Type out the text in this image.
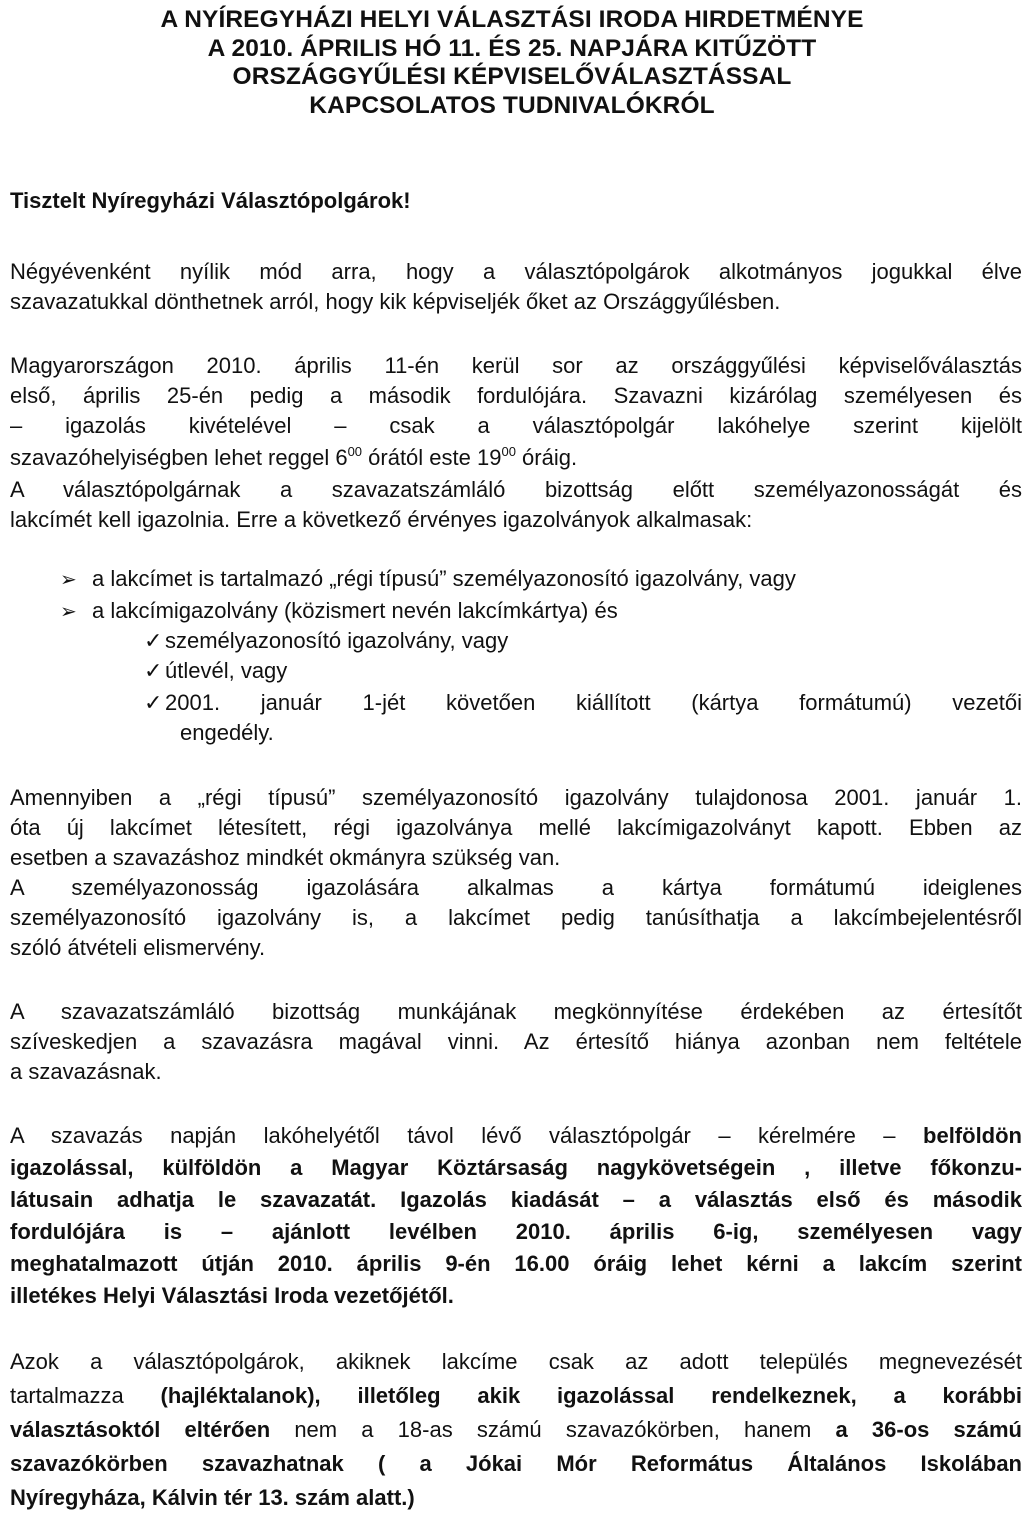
A NYÍREGYHÁZI HELYI VÁLASZTÁSI IRODA HIRDETMÉNYE
A 2010. ÁPRILIS HÓ 11. ÉS 25. NAPJÁRA KITŰZÖTT
ORSZÁGGYŰLÉSI KÉPVISELŐVÁLASZTÁSSAL
KAPCSOLATOS TUDNIVALÓKRÓL
Tisztelt Nyíregyházi Választópolgárok!
Négyévenként nyílik mód arra, hogy a választópolgárok alkotmányos jogukkal élve
szavazatukkal dönthetnek arról, hogy kik képviseljék őket az Országgyűlésben.
Magyarországon 2010. április 11-én kerül sor az országgyűlési képviselőválasztás
első, április 25-én pedig a második fordulójára. Szavazni kizárólag személyesen és
– igazolás kivételével – csak a választópolgár lakóhelye szerint kijelölt
szavazóhelyiségben lehet reggel $6^{00}$ órától este $19^{00}$ óráig.
A választópolgárnak a szavazatszámláló bizottság előtt személyazonosságát és
lakcímét kell igazolnia. Erre a következő érvényes igazolványok alkalmasak:
➢ a lakcímet is tartalmazó „régi típusú” személyazonosító igazolvány, vagy
➢ a lakcímigazolvány (közismert nevén lakcímkártya) és
✓ személyazonosító igazolvány, vagy
✓ útlevél, vagy
✓ 2001. január 1-jét követően kiállított (kártya formátumú) vezetői
engedély.
Amennyiben a „régi típusú” személyazonosító igazolvány tulajdonosa 2001. január 1.
óta új lakcímet létesített, régi igazolványa mellé lakcímigazolványt kapott. Ebben az
esetben a szavazáshoz mindkét okmányra szükség van.
A személyazonosság igazolására alkalmas a kártya formátumú ideiglenes
személyazonosító igazolvány is, a lakcímet pedig tanúsíthatja a lakcímbejelentésről
szóló átvételi elismervény.
A szavazatszámláló bizottság munkájának megkönnyítése érdekében az értesítőt
szíveskedjen a szavazásra magával vinni. Az értesítő hiánya azonban nem feltétele
a szavazásnak.
A szavazás napján lakóhelyétől távol lévő választópolgár – kérelmére – belföldön
igazolással, külföldön a Magyar Köztársaság nagykövetségein , illetve főkonzu-
látusain adhatja le szavazatát. Igazolás kiadását – a választás első és második
fordulójára is – ajánlott levélben 2010. április 6-ig, személyesen vagy
meghatalmazott útján 2010. április 9-én 16.00 óráig lehet kérni a lakcím szerint
illetékes Helyi Választási Iroda vezetőjétől.
Azok a választópolgárok, akiknek lakcíme csak az adott település megnevezését
tartalmazza (hajléktalanok), illetőleg akik igazolással rendelkeznek, a korábbi
választásoktól eltérően nem a 18-as számú szavazókörben, hanem a 36-os számú
szavazókörben szavazhatnak ( a Jókai Mór Református Általános Iskolában
Nyíregyháza, Kálvin tér 13. szám alatt.)
